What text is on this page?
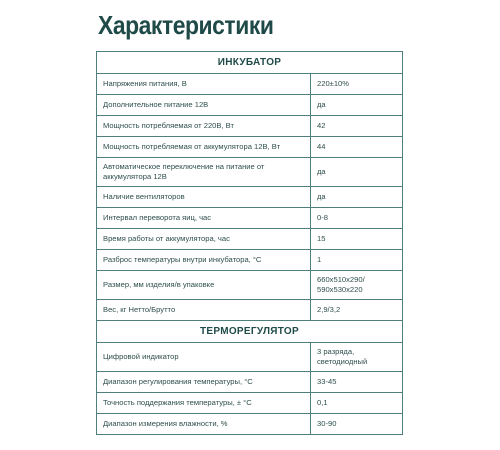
Характеристики
ИНКУБАТОР	
Напряжения питания, В	220±10%
Дополнительное питание 12В	да
Мощность потребляемая от 220В, Вт	42
Мощность потребляемая от аккумулятора 12В, Вт	44
Автоматическое переключение на питание от аккумулятора 12В	да
Наличие вентиляторов	да
Интервал переворота яиц, час	0-8
Время работы от аккумулятора, час	15
Разброс температуры внутри инкубатора, °С	1
Размер, мм изделия/в упаковке	660x510x290/ 590x530x220
Вес, кг Нетто/Брутто	2,9/3,2
ТЕРМОРЕГУЛЯТОР	
Цифровой индикатор	3 разряда, светодиодный
Диапазон регулирования температуры, °С	33-45
Точность поддержания температуры, ± °С	0,1
Диапазон измерения влажности, %	30-90
